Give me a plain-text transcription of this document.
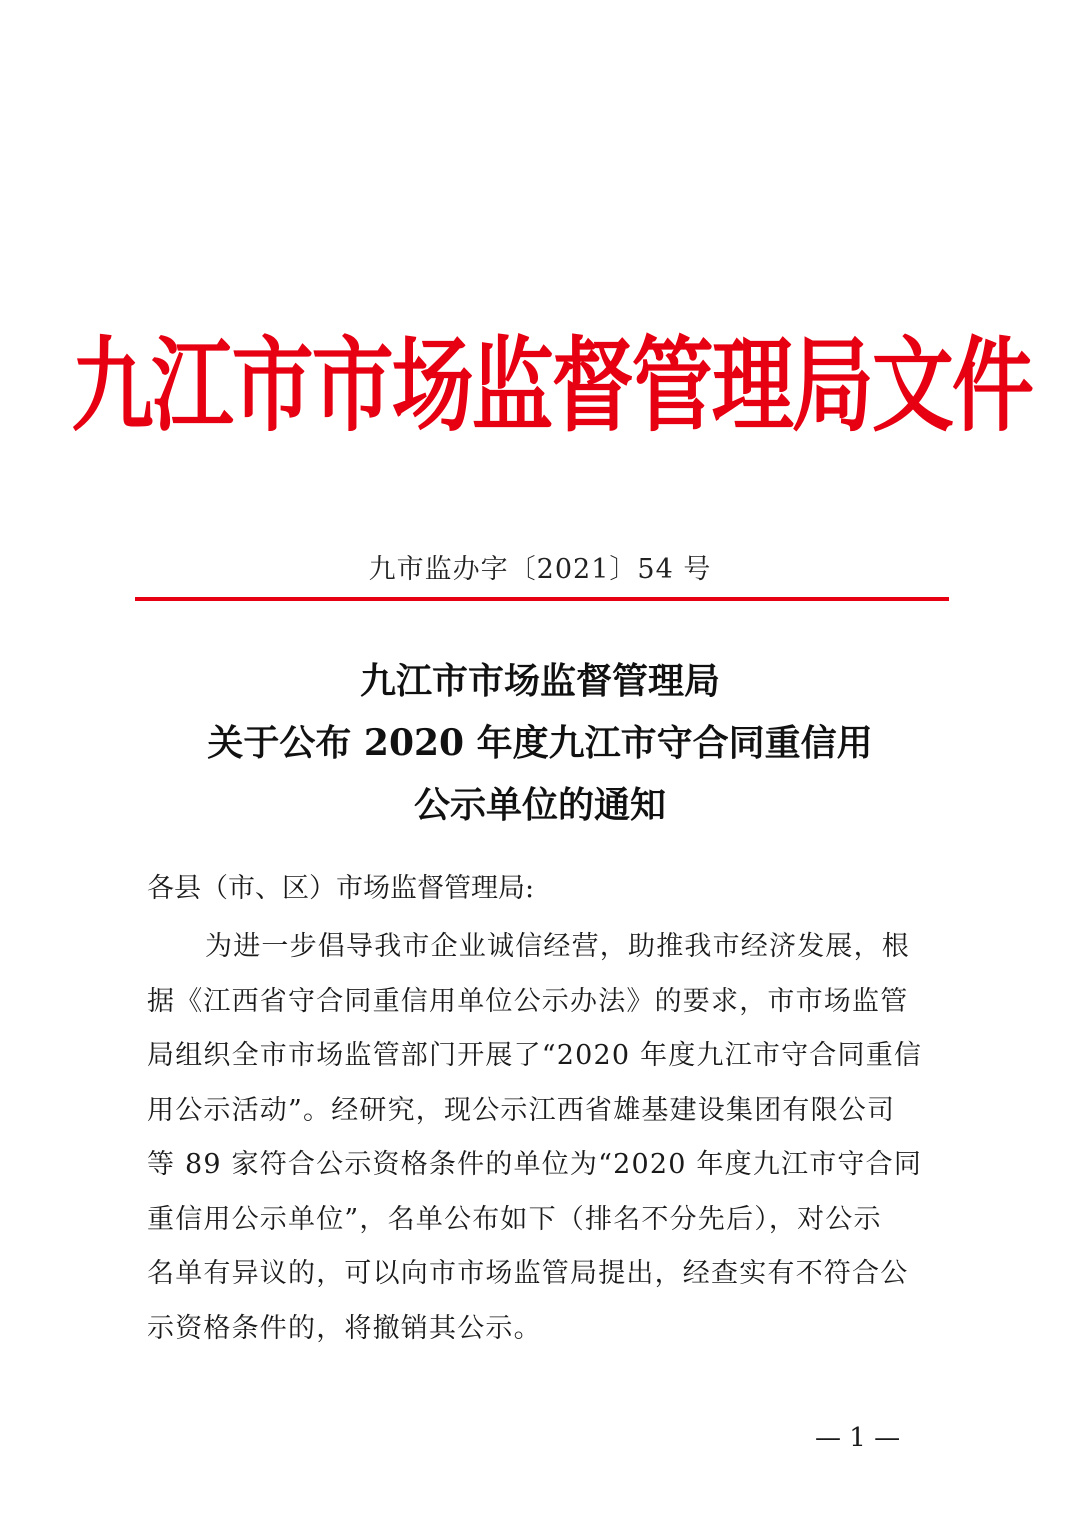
九江市市场监督管理局文件
九市监办字〔2021〕54 号
九江市市场监督管理局
关于公布 2020 年度九江市守合同重信用
公示单位的通知
各县（市、区）市场监督管理局:
为进一步倡导我市企业诚信经营，助推我市经济发展，根
据《江西省守合同重信用单位公示办法》的要求，市市场监管
局组织全市市场监管部门开展了“2020 年度九江市守合同重信
用公示活动”。经研究，现公示江西省雄基建设集团有限公司
等 89 家符合公示资格条件的单位为“2020 年度九江市守合同
重信用公示单位”，名单公布如下（排名不分先后），对公示
名单有异议的，可以向市市场监管局提出，经查实有不符合公
示资格条件的，将撤销其公示。
— 1 —
